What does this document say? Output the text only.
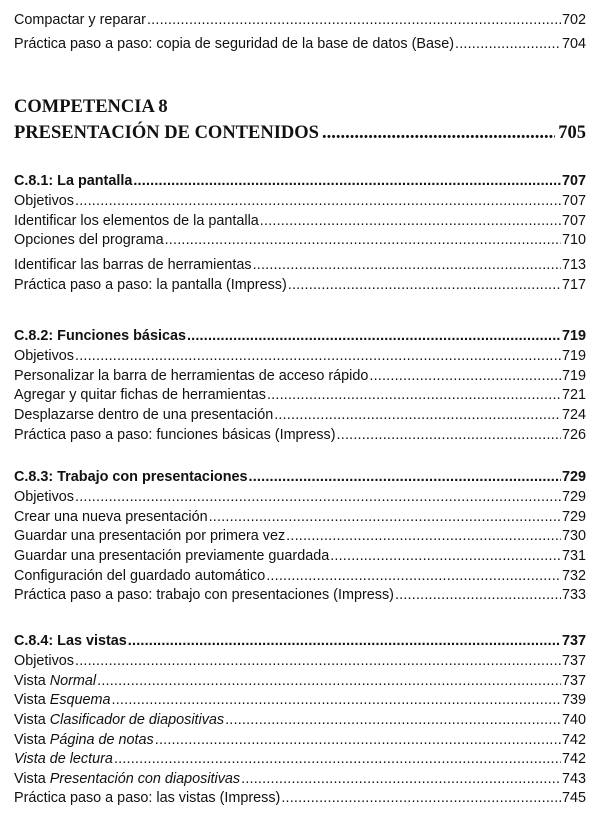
Compactar y reparar .....	702
Práctica paso a paso: copia de seguridad de la base de datos (Base) .....	704
COMPETENCIA 8
PRESENTACIÓN DE CONTENIDOS .....	705
C.8.1: La pantalla .....	707
Objetivos .....	707
Identificar los elementos de la pantalla .....	707
Opciones del programa .....	710
Identificar las barras de herramientas .....	713
Práctica paso a paso: la pantalla (Impress) .....	717
C.8.2: Funciones básicas .....	719
Objetivos .....	719
Personalizar la barra de herramientas de acceso rápido .....	719
Agregar y quitar fichas de herramientas .....	721
Desplazarse dentro de una presentación .....	724
Práctica paso a paso: funciones básicas (Impress) .....	726
C.8.3: Trabajo con presentaciones .....	729
Objetivos .....	729
Crear una nueva presentación .....	729
Guardar una presentación por primera vez .....	730
Guardar una presentación previamente guardada .....	731
Configuración del guardado automático .....	732
Práctica paso a paso: trabajo con presentaciones (Impress) .....	733
C.8.4: Las vistas .....	737
Objetivos .....	737
Vista Normal .....	737
Vista Esquema .....	739
Vista Clasificador de diapositivas .....	740
Vista Página de notas .....	742
Vista de lectura .....	742
Vista Presentación con diapositivas .....	743
Práctica paso a paso: las vistas (Impress) .....	745
